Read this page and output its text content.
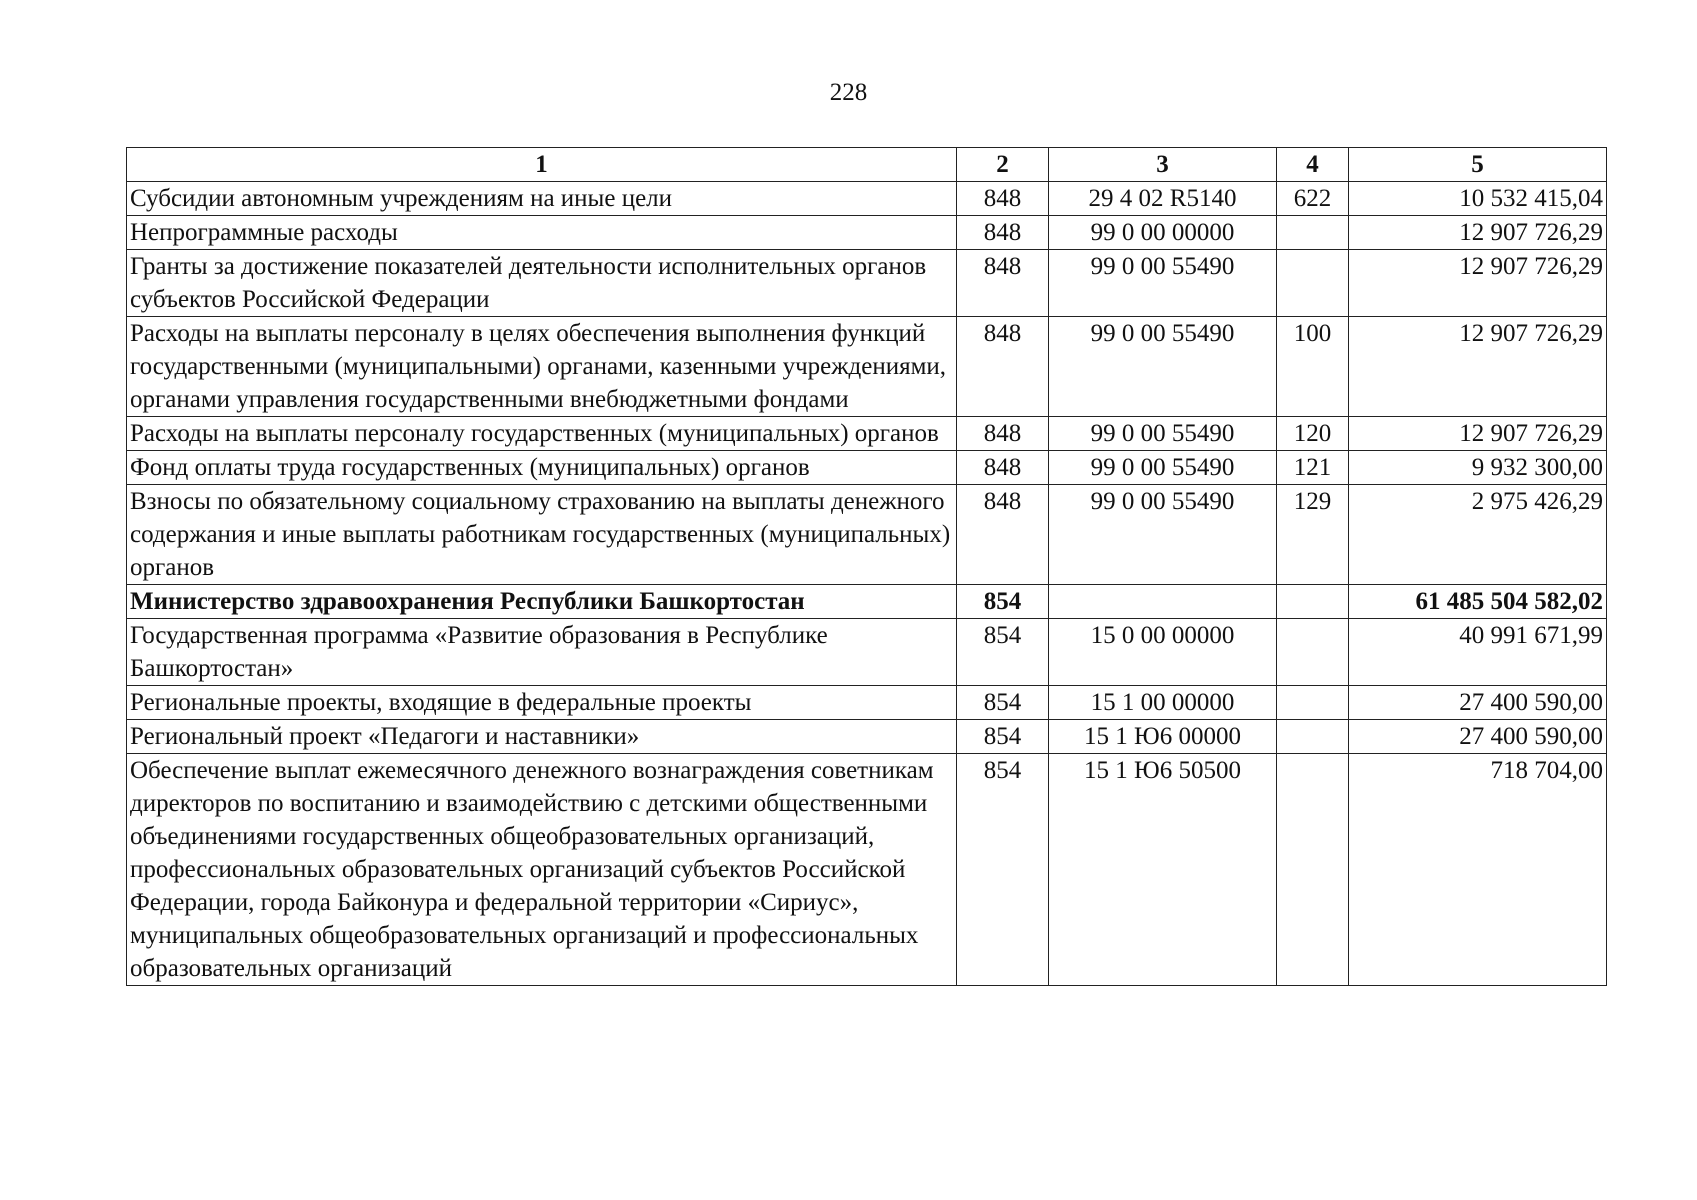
228
1	2	3	4	5
Субсидии автономным учреждениям на иные цели	848	29 4 02 R5140	622	10 532 415,04
Непрограммные расходы	848	99 0 00 00000		12 907 726,29
Гранты за достижение показателей деятельности исполнительных органов субъектов Российской Федерации	848	99 0 00 55490		12 907 726,29
Расходы на выплаты персоналу в целях обеспечения выполнения функций государственными (муниципальными) органами, казенными учреждениями, органами управления государственными внебюджетными фондами	848	99 0 00 55490	100	12 907 726,29
Расходы на выплаты персоналу государственных (муниципальных) органов	848	99 0 00 55490	120	12 907 726,29
Фонд оплаты труда государственных (муниципальных) органов	848	99 0 00 55490	121	9 932 300,00
Взносы по обязательному социальному страхованию на выплаты денежного содержания и иные выплаты работникам государственных (муниципальных) органов	848	99 0 00 55490	129	2 975 426,29
Министерство здравоохранения Республики Башкортостан	854			61 485 504 582,02
Государственная программа «Развитие образования в Республике Башкортостан»	854	15 0 00 00000		40 991 671,99
Региональные проекты, входящие в федеральные проекты	854	15 1 00 00000		27 400 590,00
Региональный проект «Педагоги и наставники»	854	15 1 Ю6 00000		27 400 590,00
Обеспечение выплат ежемесячного денежного вознаграждения советникам директоров по воспитанию и взаимодействию с детскими общественными объединениями государственных общеобразовательных организаций, профессиональных образовательных организаций субъектов Российской Федерации, города Байконура и федеральной территории «Сириус», муниципальных общеобразовательных организаций и профессиональных образовательных организаций	854	15 1 Ю6 50500		718 704,00
